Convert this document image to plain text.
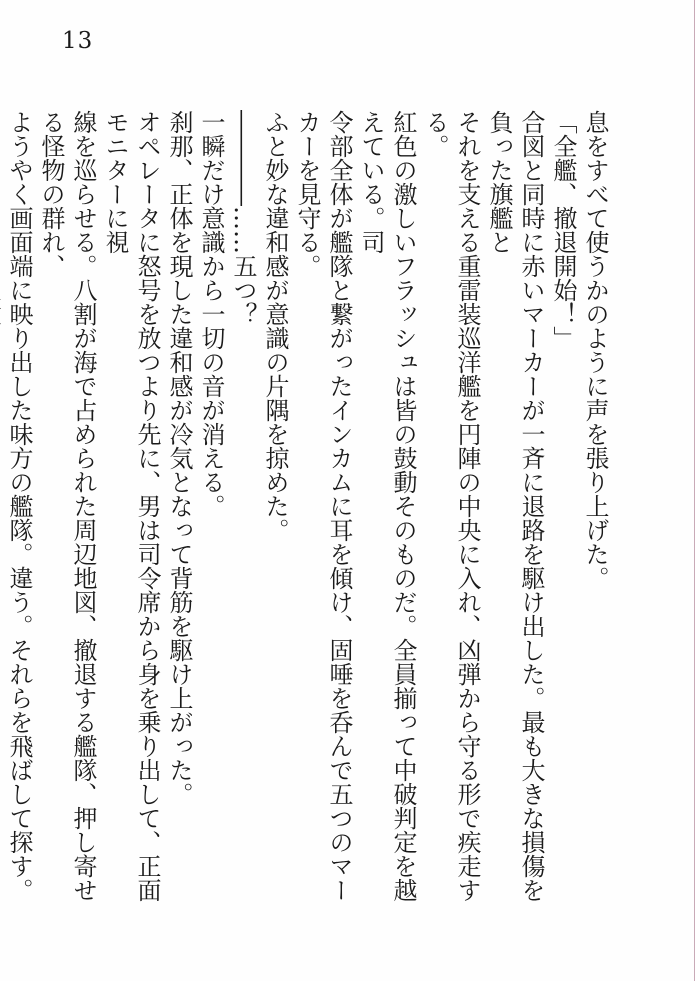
13

息をすべて使うかのように声を張り上げた。

「全艦、撤退開始！」

合図と同時に赤いマーカーが一斉に退路を駆け出した。最も大きな損傷を負った旗艦と

それを支える重雷装巡洋艦を円陣の中央に入れ、凶弾から守る形で疾走する。

紅色の激しいフラッシュは皆の鼓動そのものだ。全員揃って中破判定を越えている。司

令部全体が艦隊と繋がったインカムに耳を傾け、固唾を呑んで五つのマーカーを見守る。

ふと妙な違和感が意識の片隅を掠めた。

――――……五つ？

一瞬だけ意識から一切の音が消える。

刹那、正体を現した違和感が冷気となって背筋を駆け上がった。

オペレータに怒号を放つより先に、男は司令席から身を乗り出して、正面モニターに視

線を巡らせる。八割が海で占められた周辺地図、撤退する艦隊、押し寄せる怪物の群れ、

ようやく画面端に映り出した味方の艦隊。違う。それらを飛ばして探す。
